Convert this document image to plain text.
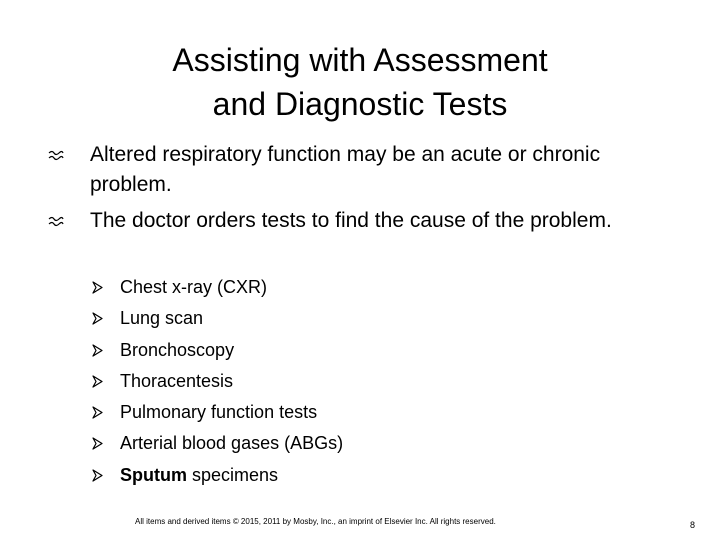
Assisting with Assessment
and Diagnostic Tests
Altered respiratory function may be an acute or chronic problem.
The doctor orders tests to find the cause of the problem.
Chest x-ray (CXR)
Lung scan
Bronchoscopy
Thoracentesis
Pulmonary function tests
Arterial blood gases (ABGs)
Sputum specimens
All items and derived items © 2015, 2011 by Mosby, Inc., an imprint of Elsevier Inc. All rights reserved.	8
